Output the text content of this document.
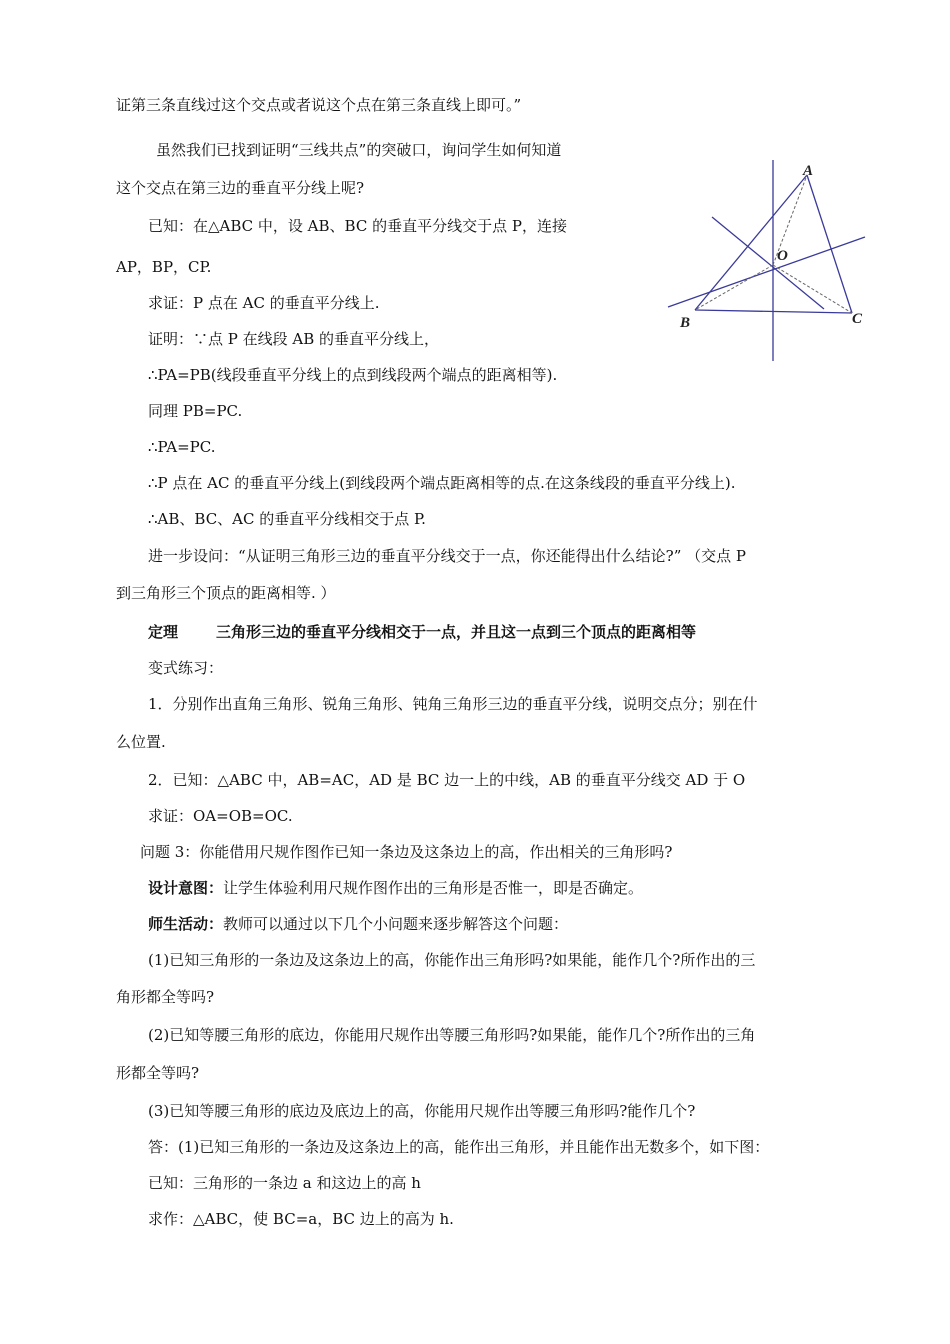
证第三条直线过这个交点或者说这个点在第三条直线上即可。”
虽然我们已找到证明“三线共点”的突破口，询问学生如何知道
这个交点在第三边的垂直平分线上呢?
已知：在△ABC 中，设 AB、BC 的垂直平分线交于点 P，连接
AP，BP，CP.
求证：P 点在 AC 的垂直平分线上.
证明：∵点 P 在线段 AB 的垂直平分线上，
∴PA=PB(线段垂直平分线上的点到线段两个端点的距离相等).
同理 PB=PC.
∴PA=PC.
∴P 点在 AC 的垂直平分线上(到线段两个端点距离相等的点.在这条线段的垂直平分线上).
∴AB、BC、AC 的垂直平分线相交于点 P.
进一步设问：“从证明三角形三边的垂直平分线交于一点，你还能得出什么结论?” （交点 P
到三角形三个顶点的距离相等. ）
定理	三角形三边的垂直平分线相交于一点，并且这一点到三个顶点的距离相等
变式练习：
1．分别作出直角三角形、锐角三角形、钝角三角形三边的垂直平分线，说明交点分；别在什
么位置.
2．已知：△ABC 中，AB=AC，AD 是 BC 边一上的中线，AB 的垂直平分线交 AD 于 O
求证：OA=OB=OC.
问题 3：你能借用尺规作图作已知一条边及这条边上的高，作出相关的三角形吗?
设计意图：让学生体验利用尺规作图作出的三角形是否惟一，即是否确定。
师生活动：教师可以通过以下几个小问题来逐步解答这个问题：
(1)已知三角形的一条边及这条边上的高，你能作出三角形吗?如果能，能作几个?所作出的三
角形都全等吗?
(2)已知等腰三角形的底边，你能用尺规作出等腰三角形吗?如果能，能作几个?所作出的三角
形都全等吗?
(3)已知等腰三角形的底边及底边上的高，你能用尺规作出等腰三角形吗?能作几个?
答：(1)已知三角形的一条边及这条边上的高，能作出三角形，并且能作出无数多个，如下图：
已知：三角形的一条边 a 和这边上的高 h
求作：△ABC，使 BC=a，BC 边上的高为 h.
A
O
B	C
